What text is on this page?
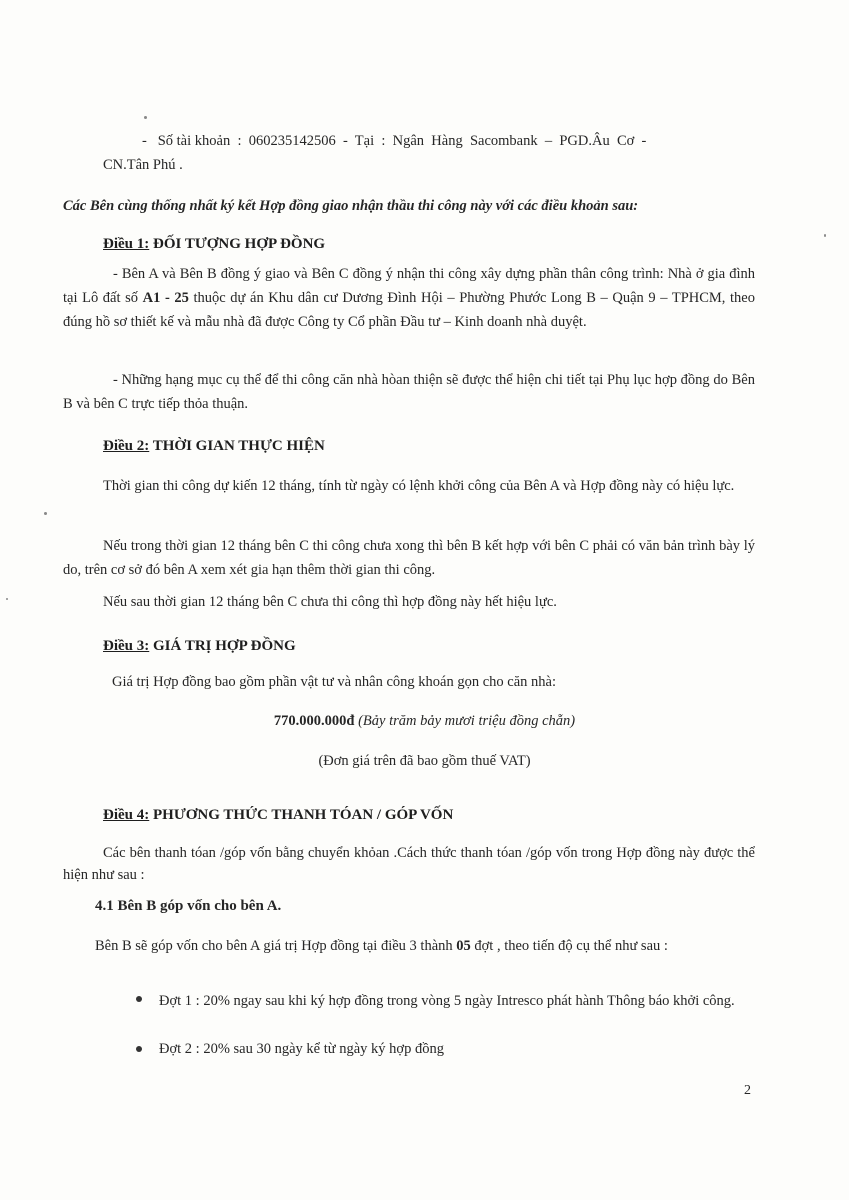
-   Số tài khoản  :  060235142506  -  Tại  :  Ngân  Hàng  Sacombank  –  PGD.Âu  Cơ  -

CN.Tân Phú .

Các Bên cùng thống nhất ký kết Hợp đồng giao nhận thầu thi công này với các điều khoản sau:

Điều 1: ĐỐI TƯỢNG HỢP ĐỒNG

- Bên A và Bên B đồng ý giao và Bên C đồng ý nhận thi công xây dựng phần thân công trình: Nhà ở gia đình tại Lô đất số A1 - 25 thuộc dự án Khu dân cư Dương Đình Hội – Phường Phước Long B – Quận 9 – TPHCM, theo đúng hồ sơ thiết kế và mẫu nhà đã được Công ty Cổ phần Đầu tư – Kinh doanh nhà duyệt.

- Những hạng mục cụ thể để thi công căn nhà hòan thiện sẽ được thể hiện chi tiết tại Phụ lục hợp đồng do Bên B và bên C trực tiếp thỏa thuận.

Điều 2: THỜI GIAN THỰC HIỆN

Thời gian thi công dự kiến 12 tháng, tính từ ngày có lệnh khởi công của Bên A và Hợp đồng này có hiệu lực.

Nếu trong thời gian 12 tháng bên C thi công chưa xong thì bên B kết hợp với bên C phải có văn bản trình bày lý do, trên cơ sở đó bên A xem xét gia hạn thêm thời gian thi công.

Nếu sau thời gian 12 tháng bên C chưa thi công thì hợp đồng này hết hiệu lực.

Điều 3: GIÁ TRỊ HỢP ĐỒNG

Giá trị Hợp đồng bao gồm phần vật tư và nhân công khoán gọn cho căn nhà:

770.000.000đ (Bảy trăm bảy mươi triệu đồng chẵn)

(Đơn giá trên đã bao gồm thuế VAT)

Điều 4: PHƯƠNG THỨC THANH TÓAN / GÓP VỐN

Các bên thanh tóan /góp vốn bằng chuyển khỏan .Cách thức thanh tóan /góp vốn trong Hợp đồng này được thể hiện như sau :

4.1 Bên B góp vốn cho bên A.

Bên B sẽ góp vốn cho bên A giá trị Hợp đồng tại điều 3 thành 05 đợt , theo tiến độ cụ thể như sau :

Đợt 1 : 20% ngay sau khi ký hợp đồng trong vòng 5 ngày Intresco phát hành Thông báo khởi công.

Đợt 2 : 20% sau 30 ngày kể từ ngày ký hợp đồng

2
